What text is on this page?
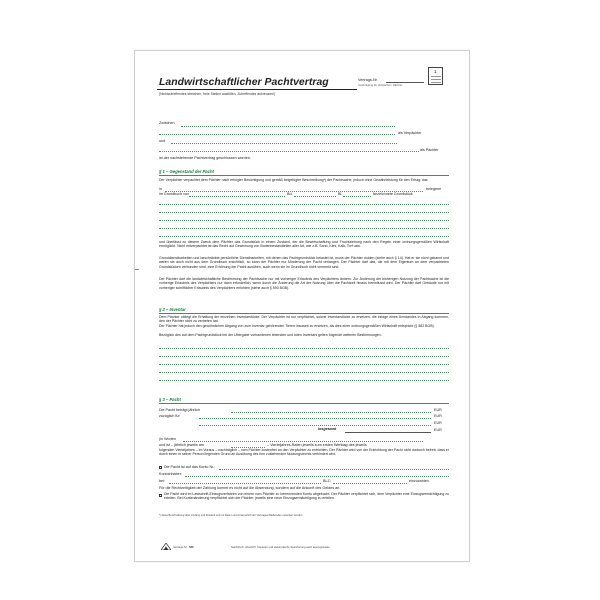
1
Landwirtschaftlicher Pachtvertrag
(Nichtzutreffendes streichen, freie Stellen ausfüllen, Zutreffendes ankreuzen!)
Vertrags-Nr.
Ausfertigung für Verpächter / Pächter
Zwischen
als Verpächter
und
als Pächter
ist der nachstehende Pachtvertrag geschlossen worden.
§ 1 – Gegenstand der Pacht
Der Verpächter verpachtet dem Pächter nach erfolgter Besichtigung und gemäß beigefügter Beschreibung*) der Pachtsache, jedoch ohne Gewährleistung für den Ertrag, das
in	belegene
im Grundbuch von	Bd.	Bl.	bezeichnete Grundstück
und überlässt zu diesem Zweck dem Pächter das Grundstück in einem Zustand, der die Bewirtschaftung und Fruchtziehung nach den Regeln einer ordnungsgemäßen Wirtschaft ermöglicht. Nicht mitverpachtet ist das Recht auf Gewinnung von Bodenbestandteilen aller Art, wie z.B. Sand, Kies, Kalk, Torf usw.
Grunddienstbarkeiten und beschränkte persönliche Dienstbarkeiten, mit denen das Pachtgrundstück belastet ist, muss der Pächter dulden (siehe auch § 14). Hat er sie nicht gekannt und waren sie auch nicht aus dem Grundbuch ersichtlich, so kann der Pächter nur Minderung der Pacht verlangen. Der Pächter darf das, die mit dem Eigentum an dem verpachteten Grundstücken verbunden sind, eine Erhöhung der Pacht ausüben, auch wenn sie im Grundbuch nicht vermerkt sind.
Der Pächter darf die landwirtschaftliche Bestimmung der Pachtsache nur mit vorheriger Erlaubnis des Verpächters ändern. Zur Änderung der bisherigen Nutzung der Pachtsache ist die vorherige Erlaubnis des Verpächters nur dann erforderlich, wenn durch die Änderung die Art der Nutzung über die Pachtzeit hinaus beeinflusst wird. Der Pächter darf Gebäude nur mit vorheriger schriftlicher Erlaubnis des Verpächters errichten (siehe auch § 590 BGB).
§ 2 – Inventar
Dem Pächter obliegt die Erhaltung der einzelnen Inventarstücke. Der Verpächter ist nur verpflichtet, solche Inventarstücke zu ersetzen, die infolge eines Umstandes in Abgang kommen, den der Pächter nicht zu vertreten hat.
Der Pächter hat jedoch den gewöhnlichen Abgang von zum Inventar gehörenden Tieren insoweit zu ersetzen, als dies einer ordnungsgemäßen Wirtschaft entspricht (§ 582 BGB).
Bezüglich des auf dem Pachtgrundstück bei der Übergabe vorhandenen lebenden und toten Inventars gelten folgende weiteren Bestimmungen:
§ 3 – Pacht
Die Pacht beträgt jährlich	EUR
zuzüglich für	EUR
EUR
Insgesamt	EUR
(in Worten
und ist – jährlich jeweils am	– Vierteljahres-Raten jeweils zum ersten Werktag des jeweils
folgenden Vierteljahres – im Voraus – nachträglich – vom Pächter kostenfrei an den Verpächter zu entrichten. Der Pächter wird von der Entrichtung der Pacht nicht dadurch befreit, dass er durch einen in seiner Person liegenden Grund an Ausübung des ihm zustehenden Nutzungsrechts verhindert wird.
Die Pacht ist auf das Konto Nr.:
Kontoinhaber:
bei:	BLZ:	einzuzahlen.
Für die Rechtzeitigkeit der Zahlung kommt es nicht auf die Absendung, sondern auf die Ankunft des Geldes an.
Die Pacht wird im Lastschrift-Einzugsverfahren von einem vom Pächter zu benennenden Konto abgebucht. Der Pächter verpflichtet sich, dem Verpächter eine Einzugsermächtigung zu erteilen. Bei Kontenänderung verpflichtet sich der Pächter, jeweils eine neue Einzugsermächtigung zu erteilen.
*) diese Beschreibung über Umfang und Zustand soll mit Datum und Unterschrift der Vertragsschließenden versehen werden
Vertrags-Nr. 588	Nachdruck, Abschrift, Kopieren und elektronische Speicherung auch auszugsweise
